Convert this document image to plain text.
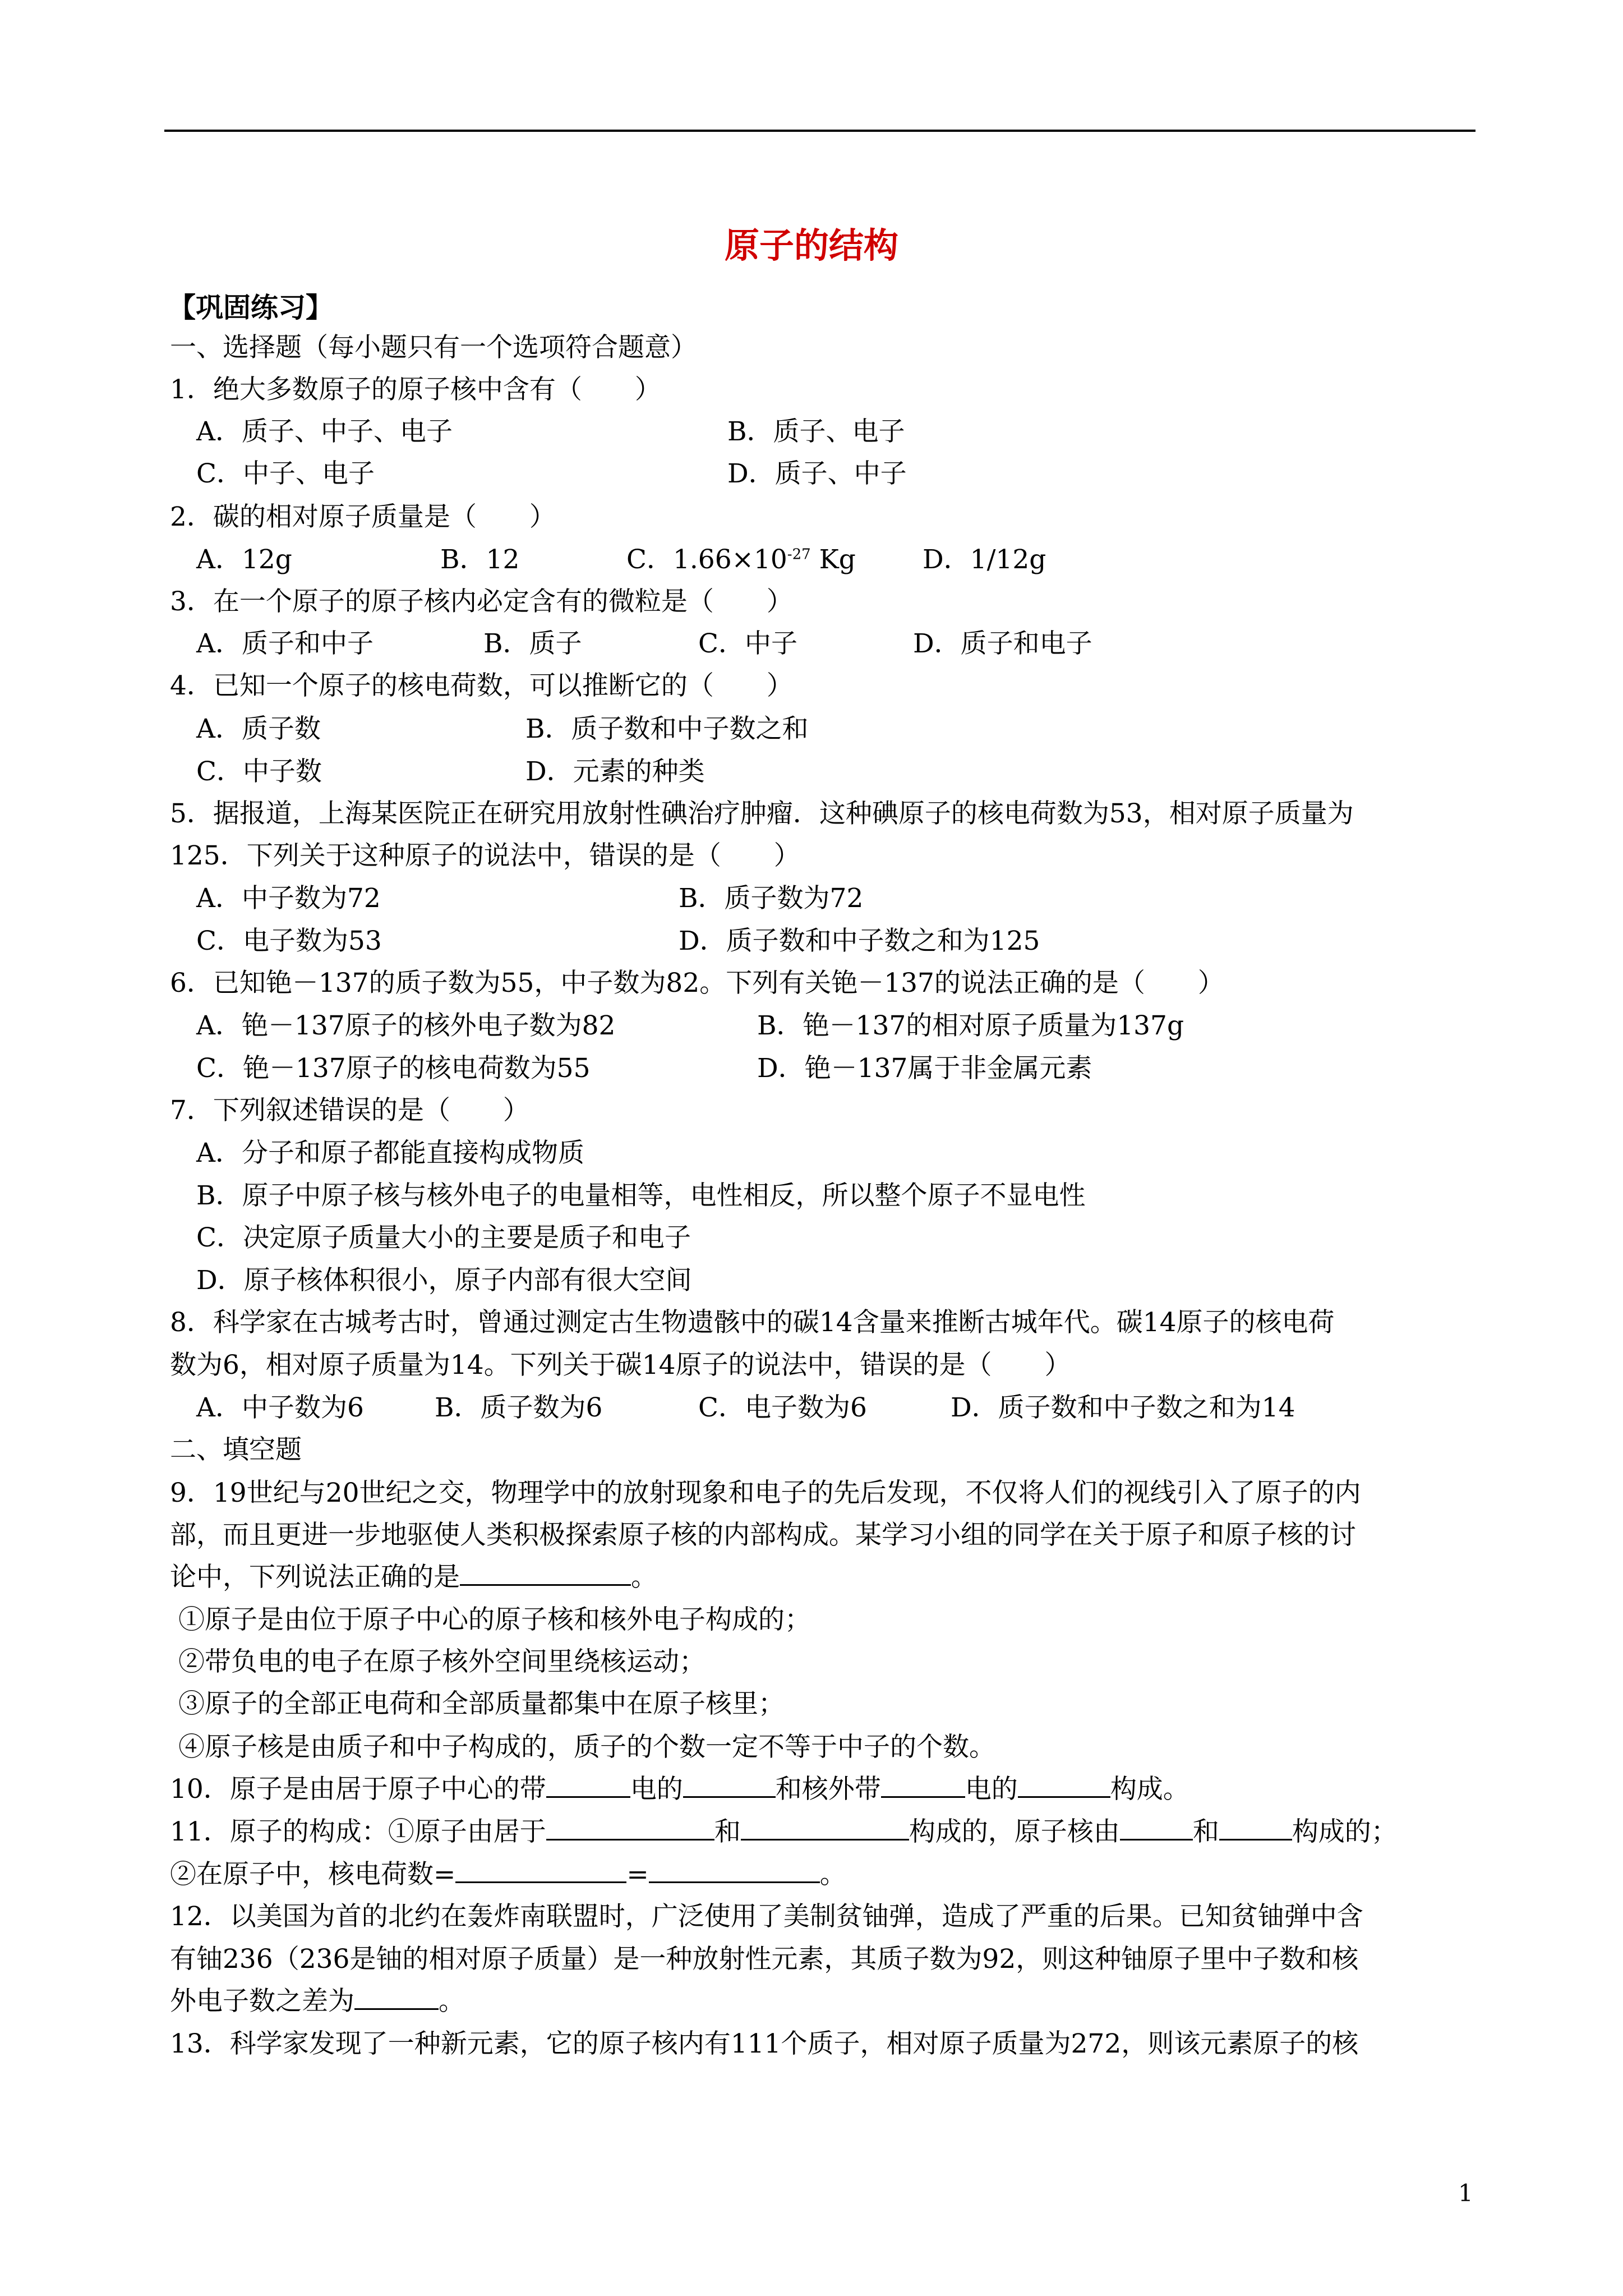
原子的结构
【巩固练习】
一、选择题（每小题只有一个选项符合题意）
1．绝大多数原子的原子核中含有（　　）
A．质子、中子、电子	B．质子、电子
C．中子、电子	D．质子、中子
2．碳的相对原子质量是（　　）
A．12g	B．12	C．$1.66\times 10^{-27}$ Kg	D．1/12g
3．在一个原子的原子核内必定含有的微粒是（　　）
A．质子和中子	B．质子	C．中子	D．质子和电子
4．已知一个原子的核电荷数，可以推断它的（　　）
A．质子数	B．质子数和中子数之和
C．中子数	D．元素的种类
5．据报道，上海某医院正在研究用放射性碘治疗肿瘤．这种碘原子的核电荷数为53，相对原子质量为
125．下列关于这种原子的说法中，错误的是（　　）
A．中子数为72	B．质子数为72
C．电子数为53	D．质子数和中子数之和为125
6．已知铯－137的质子数为55，中子数为82。下列有关铯－137的说法正确的是（　　）
A．铯－137原子的核外电子数为82	B．铯－137的相对原子质量为137g
C．铯－137原子的核电荷数为55	D．铯－137属于非金属元素
7．下列叙述错误的是（　　）
A．分子和原子都能直接构成物质
B．原子中原子核与核外电子的电量相等，电性相反，所以整个原子不显电性
C．决定原子质量大小的主要是质子和电子
D．原子核体积很小，原子内部有很大空间
8．科学家在古城考古时，曾通过测定古生物遗骸中的碳14含量来推断古城年代。碳14原子的核电荷
数为6，相对原子质量为14。下列关于碳14原子的说法中，错误的是（　　）
A．中子数为6	B．质子数为6	C．电子数为6	D．质子数和中子数之和为14
二、填空题
9．19世纪与20世纪之交，物理学中的放射现象和电子的先后发现，不仅将人们的视线引入了原子的内
部，而且更进一步地驱使人类积极探索原子核的内部构成。某学习小组的同学在关于原子和原子核的讨
论中，下列说法正确的是	。
①原子是由位于原子中心的原子核和核外电子构成的；
②带负电的电子在原子核外空间里绕核运动；
③原子的全部正电荷和全部质量都集中在原子核里；
④原子核是由质子和中子构成的，质子的个数一定不等于中子的个数。
10．原子是由居于原子中心的带	电的	和核外带	电的	构成。
11．原子的构成：①原子由居于	和	构成的，原子核由	和	构成的；
②在原子中，核电荷数=	=	。
12．以美国为首的北约在轰炸南联盟时，广泛使用了美制贫铀弹，造成了严重的后果。已知贫铀弹中含
有铀236（236是铀的相对原子质量）是一种放射性元素，其质子数为92，则这种铀原子里中子数和核
外电子数之差为	。
13．科学家发现了一种新元素，它的原子核内有111个质子，相对原子质量为272，则该元素原子的核
1
